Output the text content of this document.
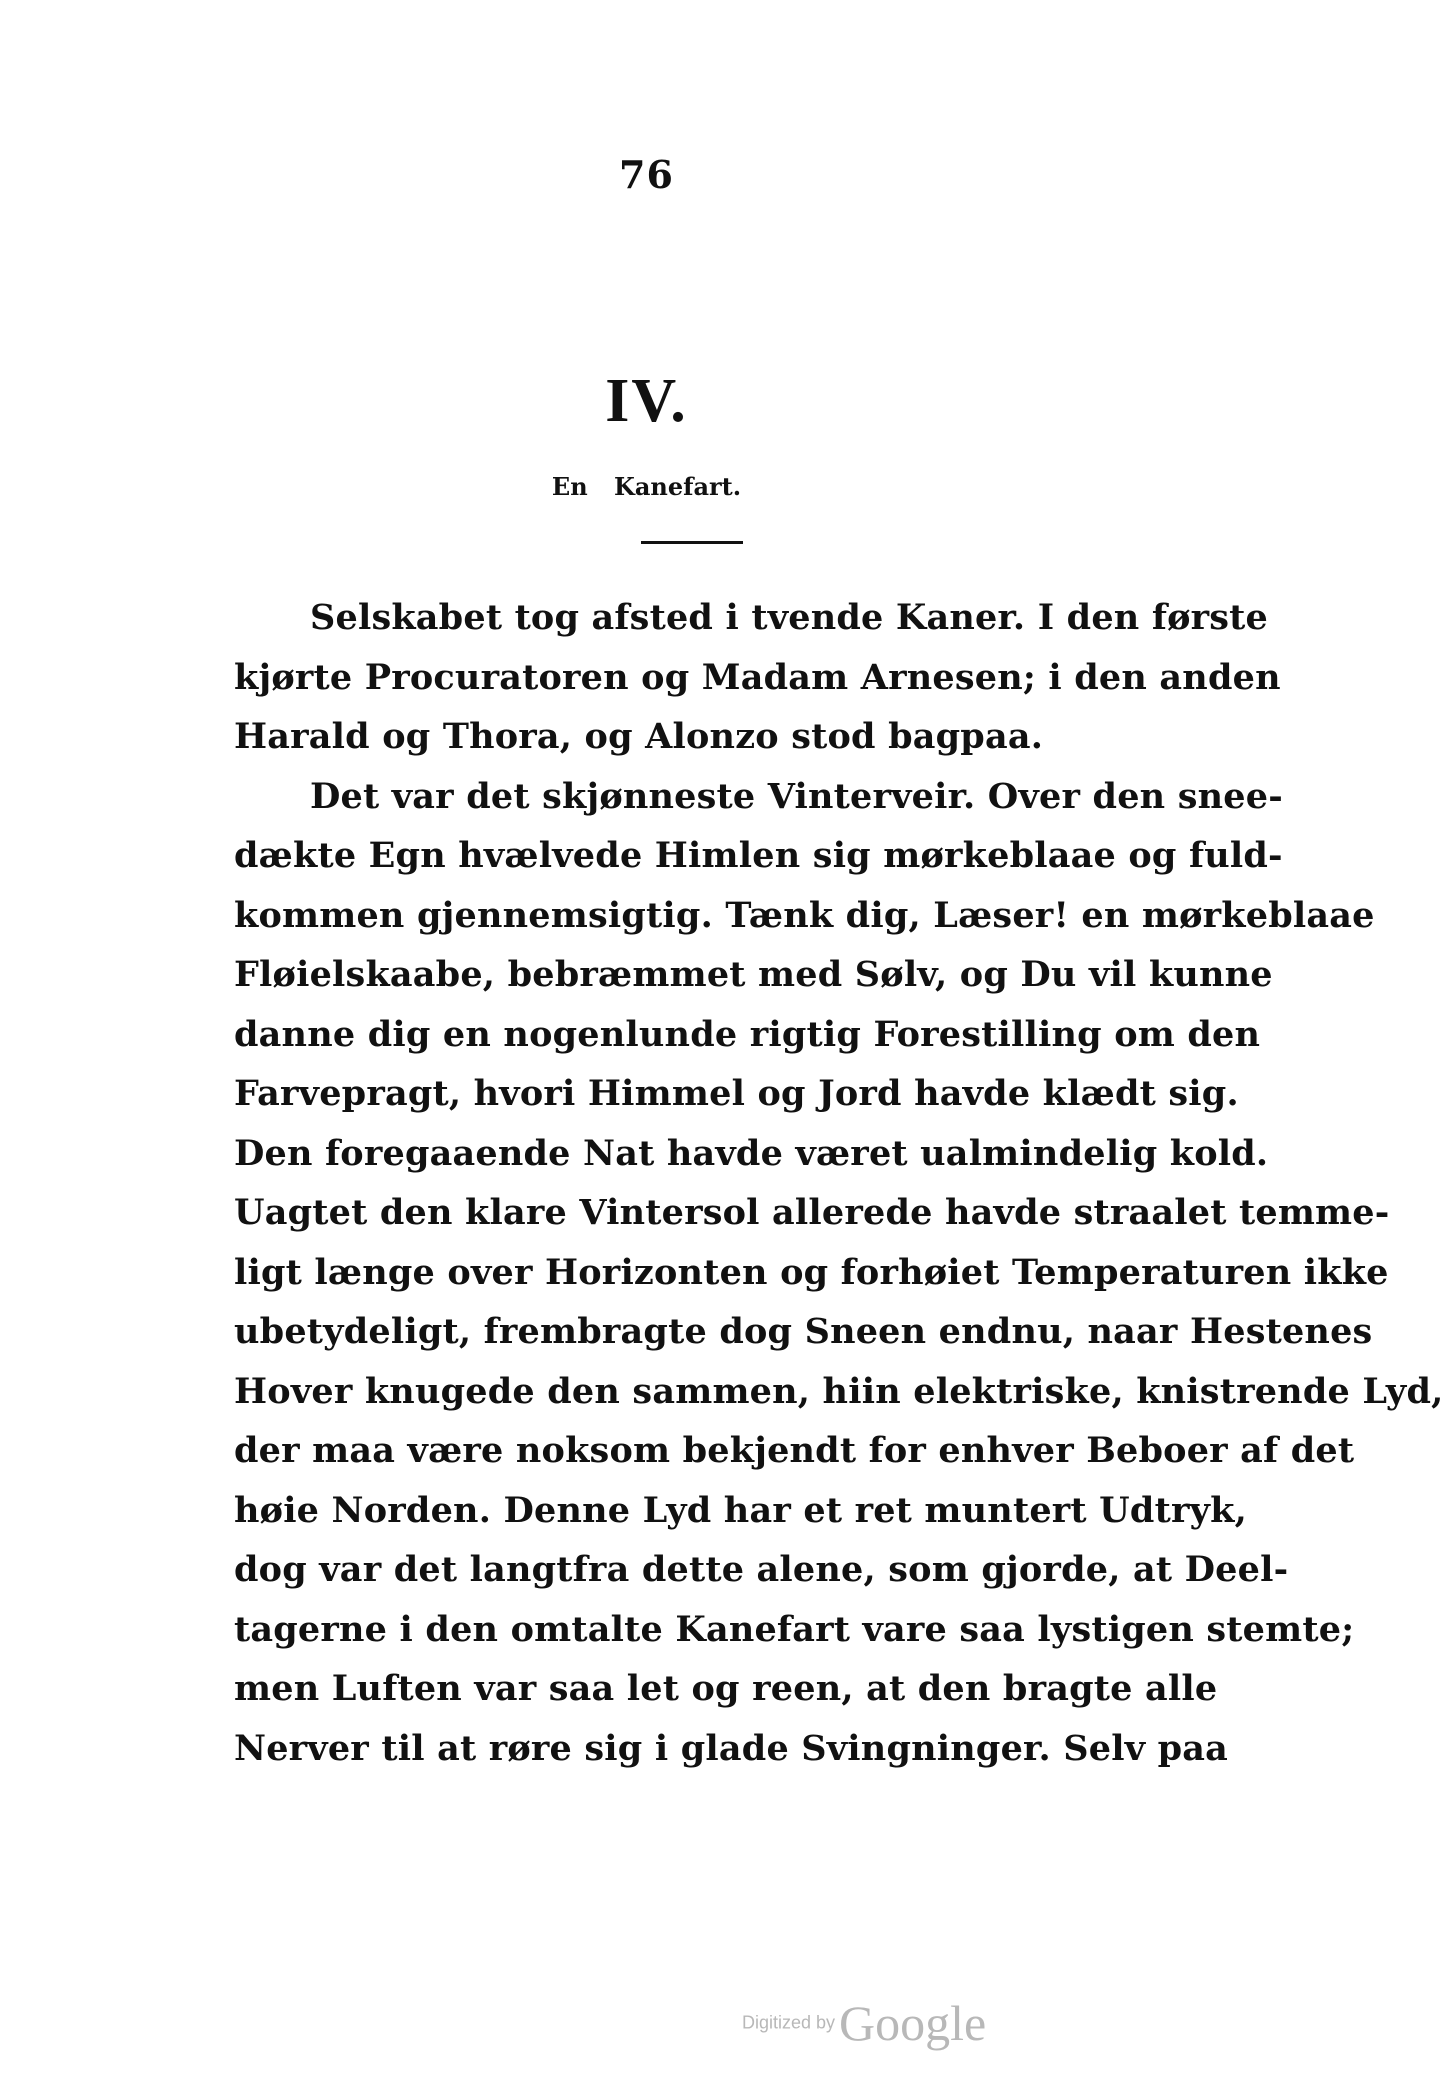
76
IV.
En Kanefart.
Selskabet tog afsted i tvende Kaner. I den første
kjørte Procuratoren og Madam Arnesen; i den anden
Harald og Thora, og Alonzo stod bagpaa.
Det var det skjønneste Vinterveir. Over den snee-
dækte Egn hvælvede Himlen sig mørkeblaae og fuld-
kommen gjennemsigtig. Tænk dig, Læser! en mørkeblaae
Fløielskaabe, bebræmmet med Sølv, og Du vil kunne
danne dig en nogenlunde rigtig Forestilling om den
Farvepragt, hvori Himmel og Jord havde klædt sig.
Den foregaaende Nat havde været ualmindelig kold.
Uagtet den klare Vintersol allerede havde straalet temme-
ligt længe over Horizonten og forhøiet Temperaturen ikke
ubetydeligt, frembragte dog Sneen endnu, naar Hestenes
Hover knugede den sammen, hiin elektriske, knistrende Lyd,
der maa være noksom bekjendt for enhver Beboer af det
høie Norden. Denne Lyd har et ret muntert Udtryk,
dog var det langtfra dette alene, som gjorde, at Deel-
tagerne i den omtalte Kanefart vare saa lystigen stemte;
men Luften var saa let og reen, at den bragte alle
Nerver til at røre sig i glade Svingninger. Selv paa
Digitized byGoogle
